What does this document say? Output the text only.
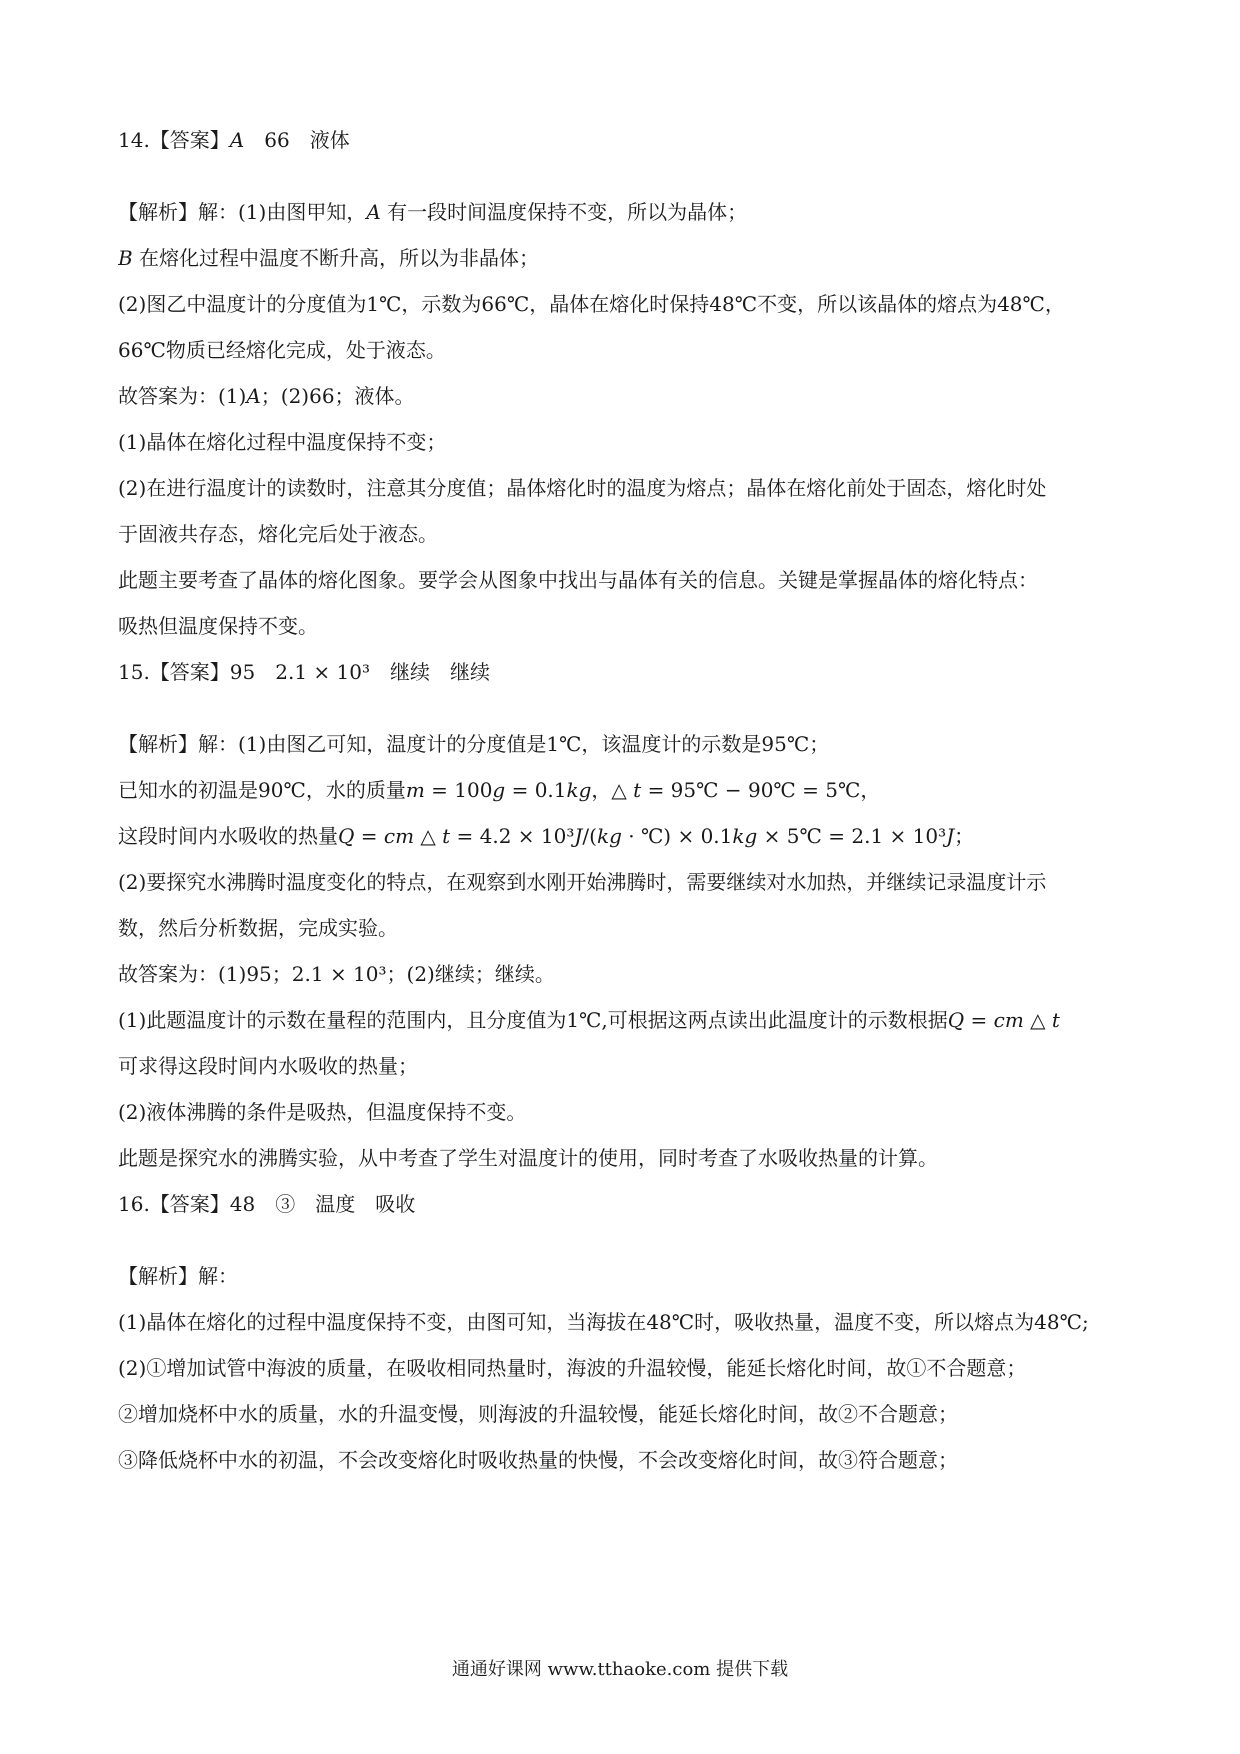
14.【答案】𝐴　66　液体
【解析】解：(1)由图甲知，𝐴 有一段时间温度保持不变，所以为晶体；
𝐵 在熔化过程中温度不断升高，所以为非晶体；
(2)图乙中温度计的分度值为1℃，示数为66℃，晶体在熔化时保持48℃不变，所以该晶体的熔点为48℃，
66℃物质已经熔化完成，处于液态。
故答案为：(1)𝐴；(2)66；液体。
(1)晶体在熔化过程中温度保持不变；
(2)在进行温度计的读数时，注意其分度值；晶体熔化时的温度为熔点；晶体在熔化前处于固态，熔化时处
于固液共存态，熔化完后处于液态。
此题主要考查了晶体的熔化图象。要学会从图象中找出与晶体有关的信息。关键是掌握晶体的熔化特点：
吸热但温度保持不变。
15.【答案】95　2.1 × 10³　继续　继续
【解析】解：(1)由图乙可知，温度计的分度值是1℃，该温度计的示数是95℃；
已知水的初温是90℃，水的质量𝑚 = 100𝑔 = 0.1𝑘𝑔，△ 𝑡 = 95℃ − 90℃ = 5℃，
这段时间内水吸收的热量𝑄 = 𝑐𝑚 △ 𝑡 = 4.2 × 10³𝐽/(𝑘𝑔 · ℃) × 0.1𝑘𝑔 × 5℃ = 2.1 × 10³𝐽；
(2)要探究水沸腾时温度变化的特点，在观察到水刚开始沸腾时，需要继续对水加热，并继续记录温度计示
数，然后分析数据，完成实验。
故答案为：(1)95；2.1 × 10³；(2)继续；继续。
(1)此题温度计的示数在量程的范围内，且分度值为1℃,可根据这两点读出此温度计的示数根据𝑄 = 𝑐𝑚 △ 𝑡
可求得这段时间内水吸收的热量；
(2)液体沸腾的条件是吸热，但温度保持不变。
此题是探究水的沸腾实验，从中考查了学生对温度计的使用，同时考查了水吸收热量的计算。
16.【答案】48　③　温度　吸收
【解析】解：
(1)晶体在熔化的过程中温度保持不变，由图可知，当海拔在48℃时，吸收热量，温度不变，所以熔点为48℃;
(2)①增加试管中海波的质量，在吸收相同热量时，海波的升温较慢，能延长熔化时间，故①不合题意；
②增加烧杯中水的质量，水的升温变慢，则海波的升温较慢，能延长熔化时间，故②不合题意；
③降低烧杯中水的初温，不会改变熔化时吸收热量的快慢，不会改变熔化时间，故③符合题意；
通通好课网 www.tthaoke.com 提供下载
